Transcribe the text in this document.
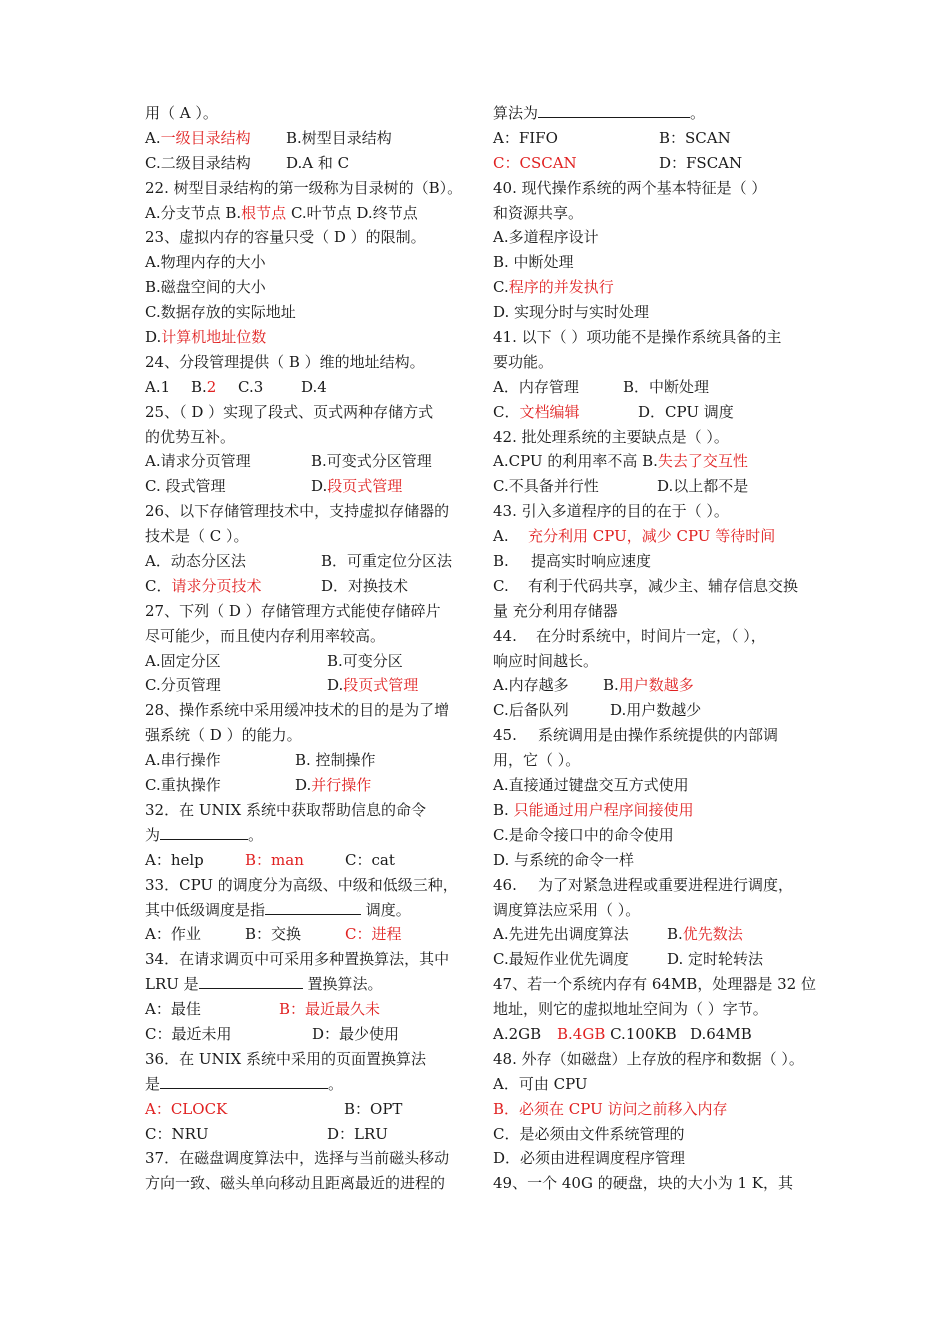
用（ A ）。
A.一级目录结构 B.树型目录结构
C.二级目录结构 D.A 和 C
22. 树型目录结构的第一级称为目录树的（B）。
A.分支节点 B.根节点 C.叶节点 D.终节点
23、虚拟内存的容量只受（ D ）的限制。
A.物理内存的大小
B.磁盘空间的大小
C.数据存放的实际地址
D.计算机地址位数
24、分段管理提供（ B ）维的地址结构。
A.1 B.2 C.3	D.4
25、（ D ）实现了段式、页式两种存储方式
的优势互补。
A.请求分页管理	B.可变式分区管理
C. 段式管理	D.段页式管理
26、以下存储管理技术中，支持虚拟存储器的
技术是（ C ）。
A．动态分区法	B．可重定位分区法
C．请求分页技术	D．对换技术
27、下列（ D ）存储管理方式能使存储碎片
尽可能少，而且使内存利用率较高。
A.固定分区	B.可变分区
C.分页管理	D.段页式管理
28、操作系统中采用缓冲技术的目的是为了增
强系统（ D ）的能力。
A.串行操作	B. 控制操作
C.重执操作	D.并行操作
32．在 UNIX 系统中获取帮助信息的命令
为	。
A：help	B：man	C：cat
33．CPU 的调度分为高级、中级和低级三种，
其中低级调度是指	调度。
A：作业	B：交换	C：进程
34．在请求调页中可采用多种置换算法，其中
LRU 是	置换算法。
A：最佳	B：最近最久未
C：最近未用	D：最少使用
36．在 UNIX 系统中采用的页面置换算法
是	。
A：CLOCK	B：OPT
C：NRU	D：LRU
37．在磁盘调度算法中，选择与当前磁头移动
方向一致、磁头单向移动且距离最近的进程的
算法为	。
A：FIFO	B：SCAN
C：CSCAN	D：FSCAN
40. 现代操作系统的两个基本特征是（ ）
和资源共享。
A.多道程序设计
B. 中断处理
C.程序的并发执行
D. 实现分时与实时处理
41. 以下（ ）项功能不是操作系统具备的主
要功能。
A．内存管理	B．中断处理
C．文档编辑	D．CPU 调度
42. 批处理系统的主要缺点是（ ）。
A.CPU 的利用率不高 B.失去了交互性
C.不具备并行性	D.以上都不是
43. 引入多道程序的目的在于（ ）。
A. 充分利用 CPU，减少 CPU 等待时间
B. 提高实时响应速度
C. 有利于代码共享，减少主、辅存信息交换
量 充分利用存储器
44. 在分时系统中，时间片一定，（ ），
响应时间越长。
A.内存越多 B.用户数越多
C.后备队列	D.用户数越少
45. 系统调用是由操作系统提供的内部调
用，它（ ）。
A.直接通过键盘交互方式使用
B. 只能通过用户程序间接使用
C.是命令接口中的命令使用
D. 与系统的命令一样
46. 为了对紧急进程或重要进程进行调度，
调度算法应采用（ ）。
A.先进先出调度算法	B.优先数法
C.最短作业优先调度	D. 定时轮转法
47、若一个系统内存有 64MB，处理器是 32 位
地址，则它的虚拟地址空间为（ ）字节。
A.2GB B.4GB C.100KB D.64MB
48. 外存（如磁盘）上存放的程序和数据（ ）。
A．可由 CPU
B．必须在 CPU 访问之前移入内存
C．是必须由文件系统管理的
D．必须由进程调度程序管理
49、一个 40G 的硬盘，块的大小为 1 K，其
